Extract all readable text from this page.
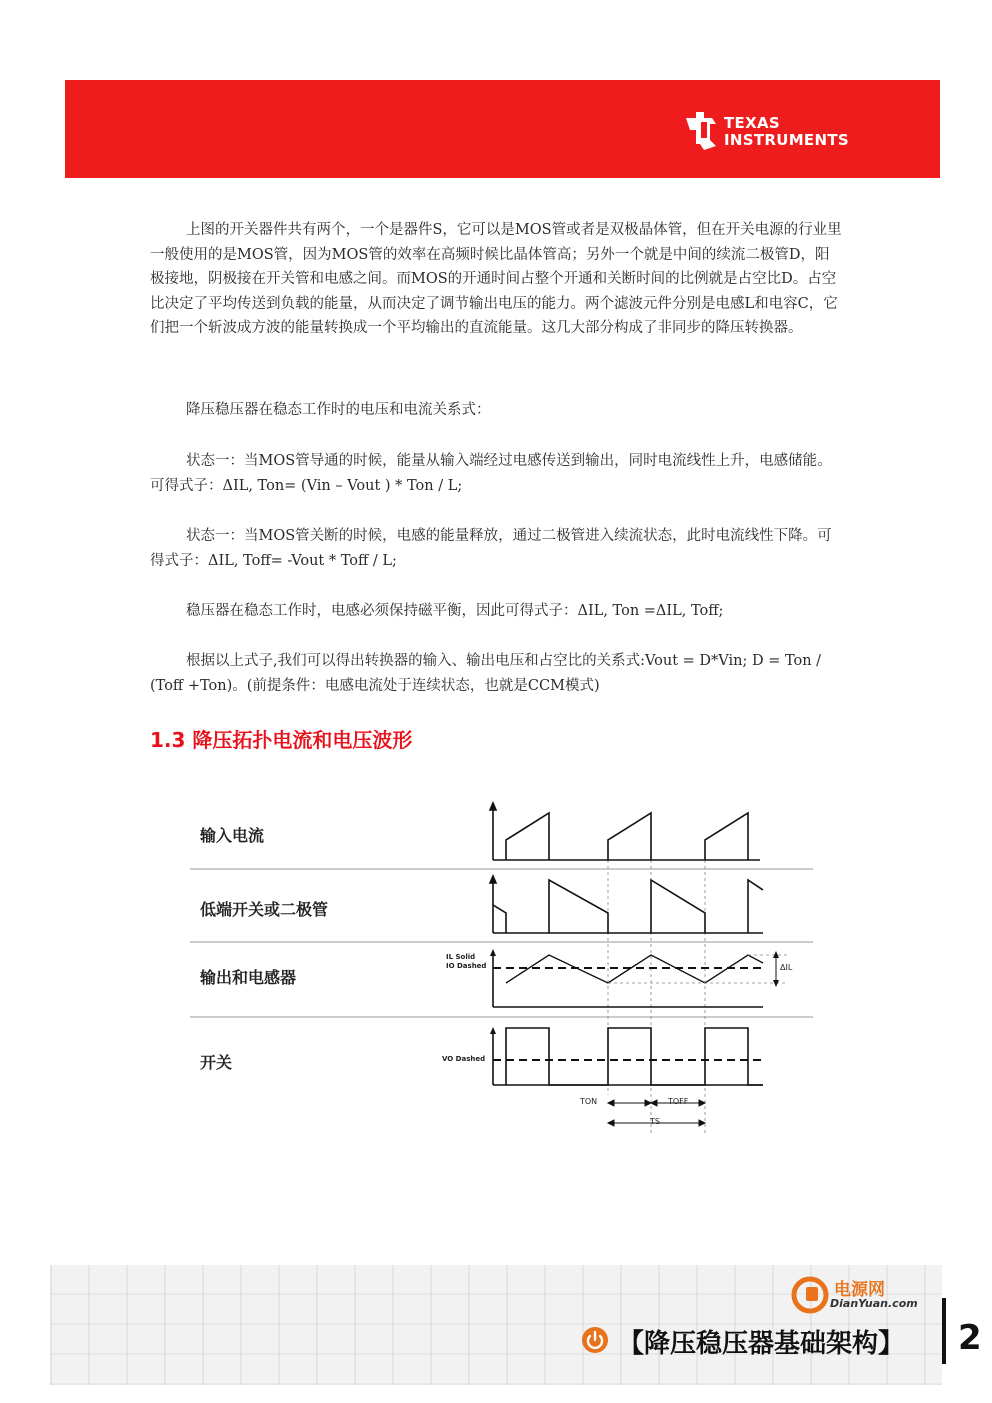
TEXAS
INSTRUMENTS

上图的开关器件共有两个，一个是器件S，它可以是MOS管或者是双极晶体管，但在开关电源的行业里一般使用的是MOS管，因为MOS管的效率在高频时候比晶体管高；另外一个就是中间的续流二极管D，阳极接地，阴极接在开关管和电感之间。而MOS的开通时间占整个开通和关断时间的比例就是占空比D。占空比决定了平均传送到负载的能量，从而决定了调节输出电压的能力。两个滤波元件分别是电感L和电容C，它们把一个斩波成方波的能量转换成一个平均输出的直流能量。这几大部分构成了非同步的降压转换器。

降压稳压器在稳态工作时的电压和电流关系式：

状态一：当MOS管导通的时候，能量从输入端经过电感传送到输出，同时电流线性上升，电感储能。可得式子：ΔIL, Ton= (Vin – Vout ) * Ton / L;

状态一：当MOS管关断的时候，电感的能量释放，通过二极管进入续流状态，此时电流线性下降。可得式子：ΔIL, Toff= -Vout * Toff / L;

稳压器在稳态工作时，电感必须保持磁平衡，因此可得式子：ΔIL, Ton =ΔIL, Toff;

根据以上式子,我们可以得出转换器的输入、输出电压和占空比的关系式:Vout = D*Vin; D = Ton / (Toff +Ton)。(前提条件：电感电流处于连续状态，也就是CCM模式)

1.3 降压拓扑电流和电压波形
输入电流
低端开关或二极管
输出和电感器
开关
IL Solid
IO Dashed	ΔIL
VO Dashed
TON	TOFF
TS
电源网
DianYuan.com
【降压稳压器基础架构】 2
